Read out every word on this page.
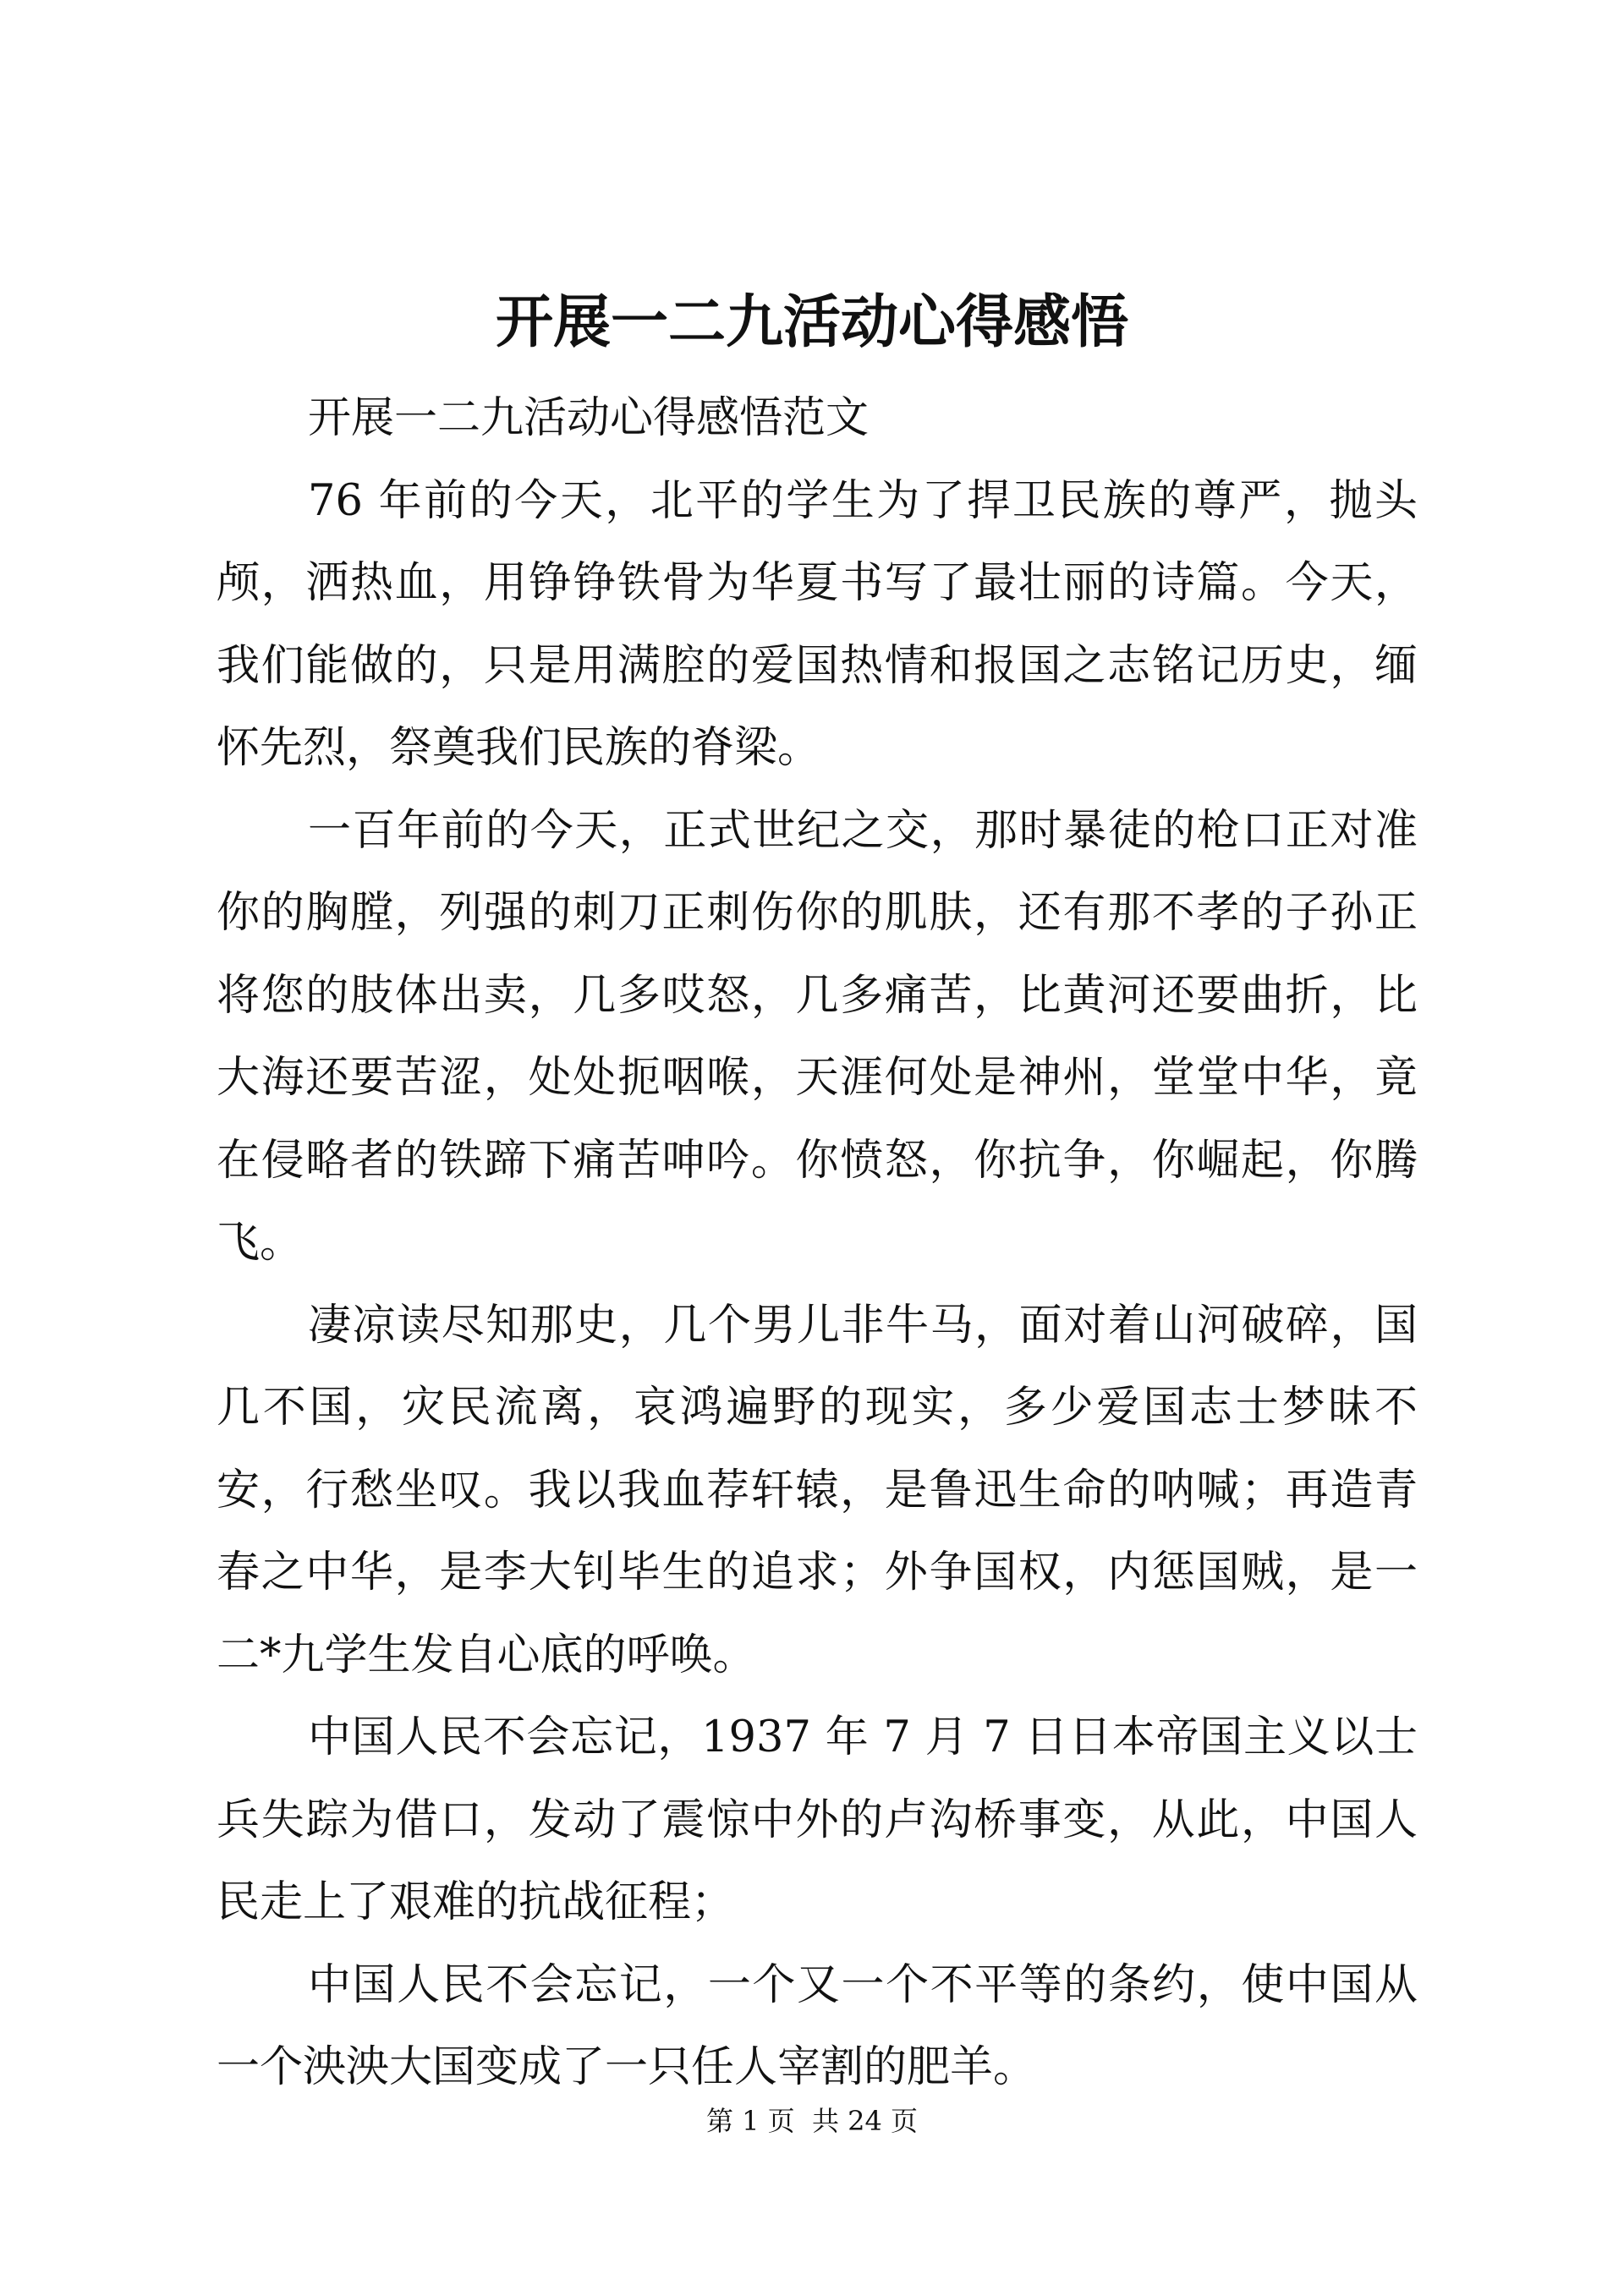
开展一二九活动心得感悟

开展一二九活动心得感悟范文

76 年前的今天，北平的学生为了捍卫民族的尊严，抛头颅，洒热血，用铮铮铁骨为华夏书写了最壮丽的诗篇。今天，我们能做的，只是用满腔的爱国热情和报国之志铭记历史，缅怀先烈，祭奠我们民族的脊梁。

一百年前的今天，正式世纪之交，那时暴徒的枪口正对准你的胸膛，列强的刺刀正刺伤你的肌肤，还有那不孝的子孙正将您的肢体出卖，几多哎怒，几多痛苦，比黄河还要曲折，比大海还要苦涩，处处扼咽喉，天涯何处是神州，堂堂中华，竟在侵略者的铁蹄下痛苦呻吟。你愤怒，你抗争，你崛起，你腾飞。

凄凉读尽知那史，几个男儿非牛马，面对着山河破碎，国几不国，灾民流离，哀鸿遍野的现实，多少爱国志士梦昧不安，行愁坐叹。我以我血荐轩辕，是鲁迅生命的呐喊；再造青春之中华，是李大钊毕生的追求；外争国权，内惩国贼，是一二*九学生发自心底的呼唤。

中国人民不会忘记，1937 年 7 月 7 日日本帝国主义以士兵失踪为借口，发动了震惊中外的卢沟桥事变，从此，中国人民走上了艰难的抗战征程；

中国人民不会忘记，一个又一个不平等的条约，使中国从一个泱泱大国变成了一只任人宰割的肥羊。

第 1 页  共 24 页
